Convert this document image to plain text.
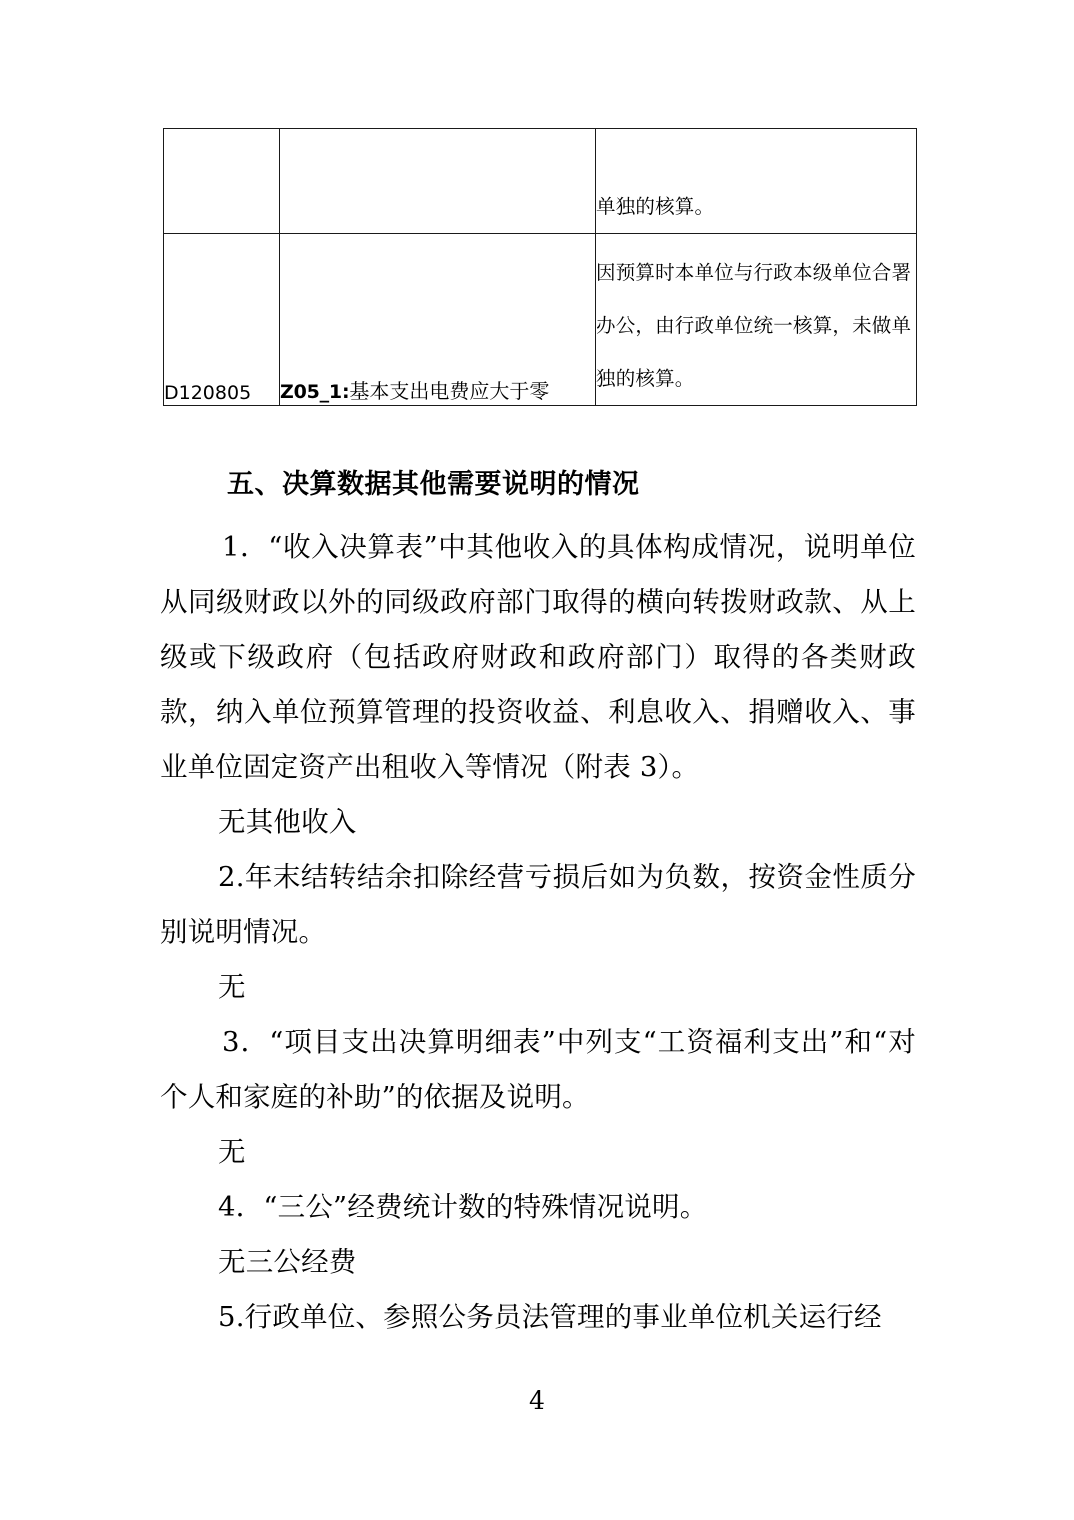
		单独的核算。
D120805	Z05_1:基本支出电费应大于零	因预算时本单位与行政本级单位合署办公，由行政单位统一核算，未做单独的核算。
五、决算数据其他需要说明的情况

1．“收入决算表”中其他收入的具体构成情况，说明单位从同级财政以外的同级政府部门取得的横向转拨财政款、从上级或下级政府（包括政府财政和政府部门）取得的各类财政款，纳入单位预算管理的投资收益、利息收入、捐赠收入、事业单位固定资产出租收入等情况（附表 3）。

无其他收入

2.年末结转结余扣除经营亏损后如为负数，按资金性质分别说明情况。

无

3．“项目支出决算明细表”中列支“工资福利支出”和“对个人和家庭的补助”的依据及说明。

无

4．“三公”经费统计数的特殊情况说明。

无三公经费

5.行政单位、参照公务员法管理的事业单位机关运行经

4
